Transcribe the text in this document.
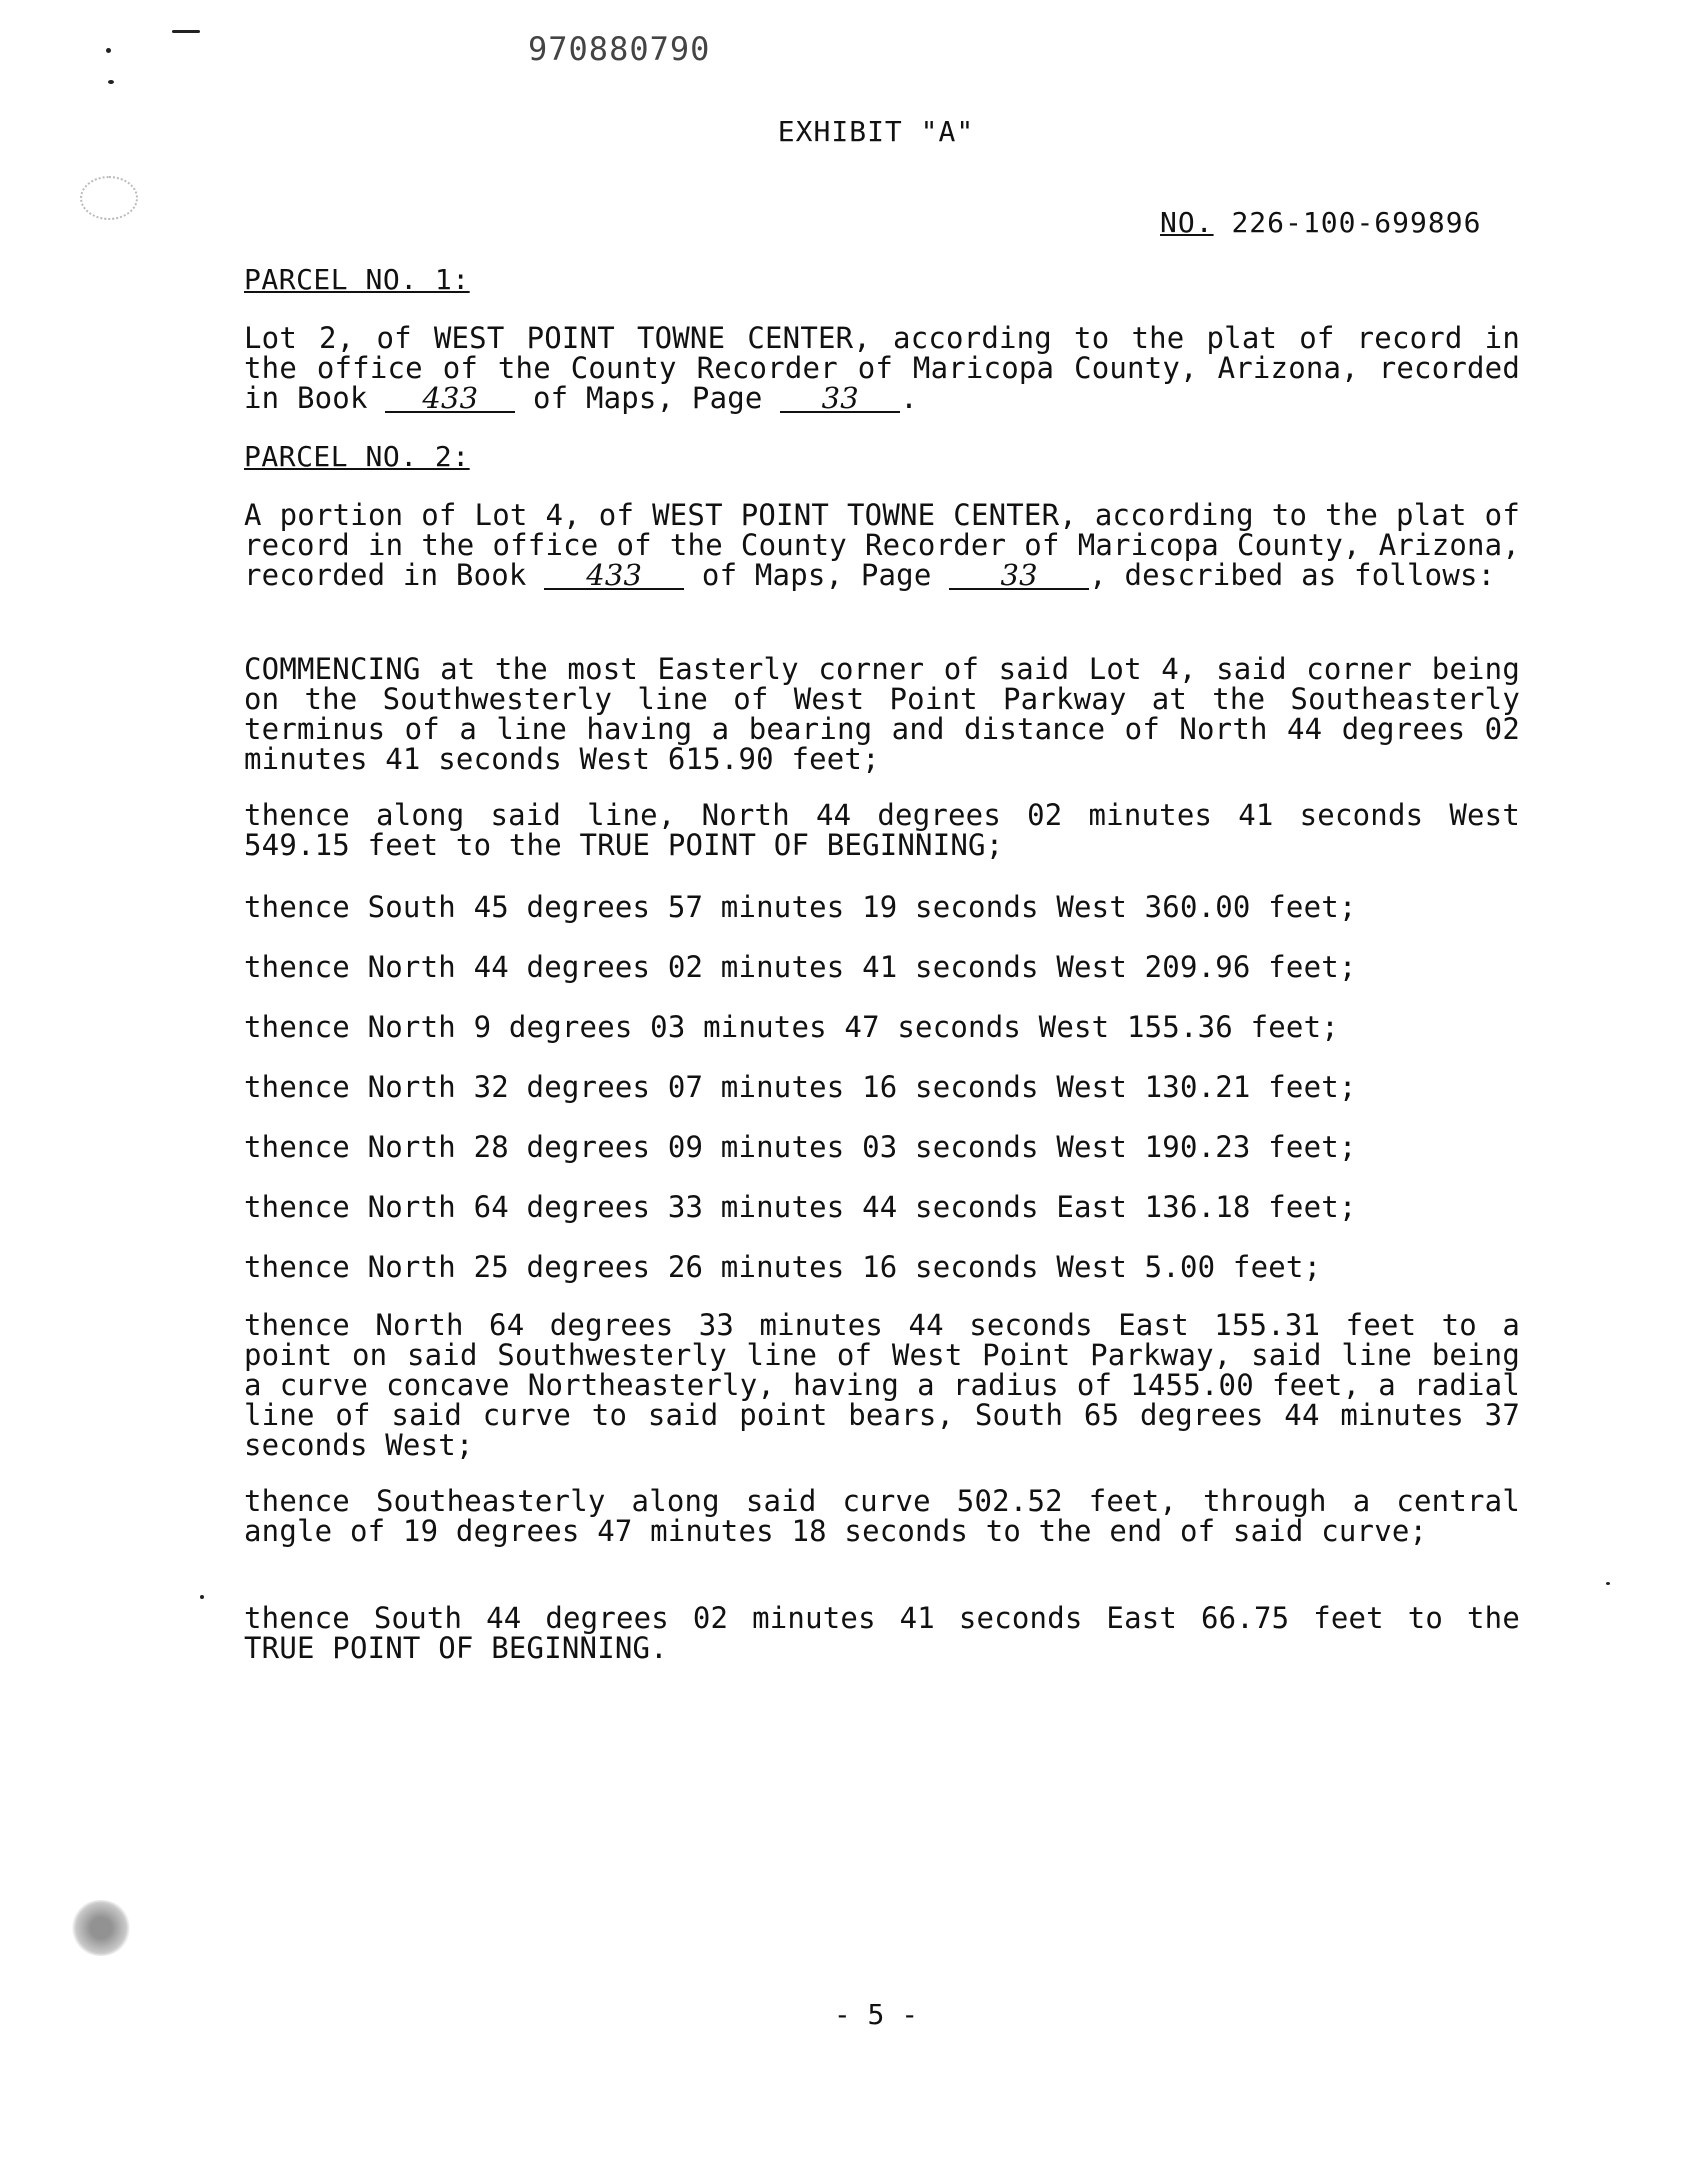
970880790
EXHIBIT "A"
NO. 226-100-699896
PARCEL NO. 1:

Lot 2, of WEST POINT TOWNE CENTER, according to the plat of record in the office of the County Recorder of Maricopa County, Arizona, recorded in Book 433 of Maps, Page 33 .

PARCEL NO. 2:

A portion of Lot 4, of WEST POINT TOWNE CENTER, according to the plat of record in the office of the County Recorder of Maricopa County, Arizona, recorded in Book 433 of Maps, Page 33 , described as follows:

COMMENCING at the most Easterly corner of said Lot 4, said corner being on the Southwesterly line of West Point Parkway at the Southeasterly terminus of a line having a bearing and distance of North 44 degrees 02 minutes 41 seconds West 615.90 feet;

thence along said line, North 44 degrees 02 minutes 41 seconds West 549.15 feet to the TRUE POINT OF BEGINNING;

thence South 45 degrees 57 minutes 19 seconds West 360.00 feet;
thence North 44 degrees 02 minutes 41 seconds West 209.96 feet;
thence North 9 degrees 03 minutes 47 seconds West 155.36 feet;
thence North 32 degrees 07 minutes 16 seconds West 130.21 feet;
thence North 28 degrees 09 minutes 03 seconds West 190.23 feet;
thence North 64 degrees 33 minutes 44 seconds East 136.18 feet;
thence North 25 degrees 26 minutes 16 seconds West 5.00 feet;

thence North 64 degrees 33 minutes 44 seconds East 155.31 feet to a point on said Southwesterly line of West Point Parkway, said line being a curve concave Northeasterly, having a radius of 1455.00 feet, a radial line of said curve to said point bears, South 65 degrees 44 minutes 37 seconds West;

thence Southeasterly along said curve 502.52 feet, through a central angle of 19 degrees 47 minutes 18 seconds to the end of said curve;

thence South 44 degrees 02 minutes 41 seconds East 66.75 feet to the TRUE POINT OF BEGINNING.

- 5 -
